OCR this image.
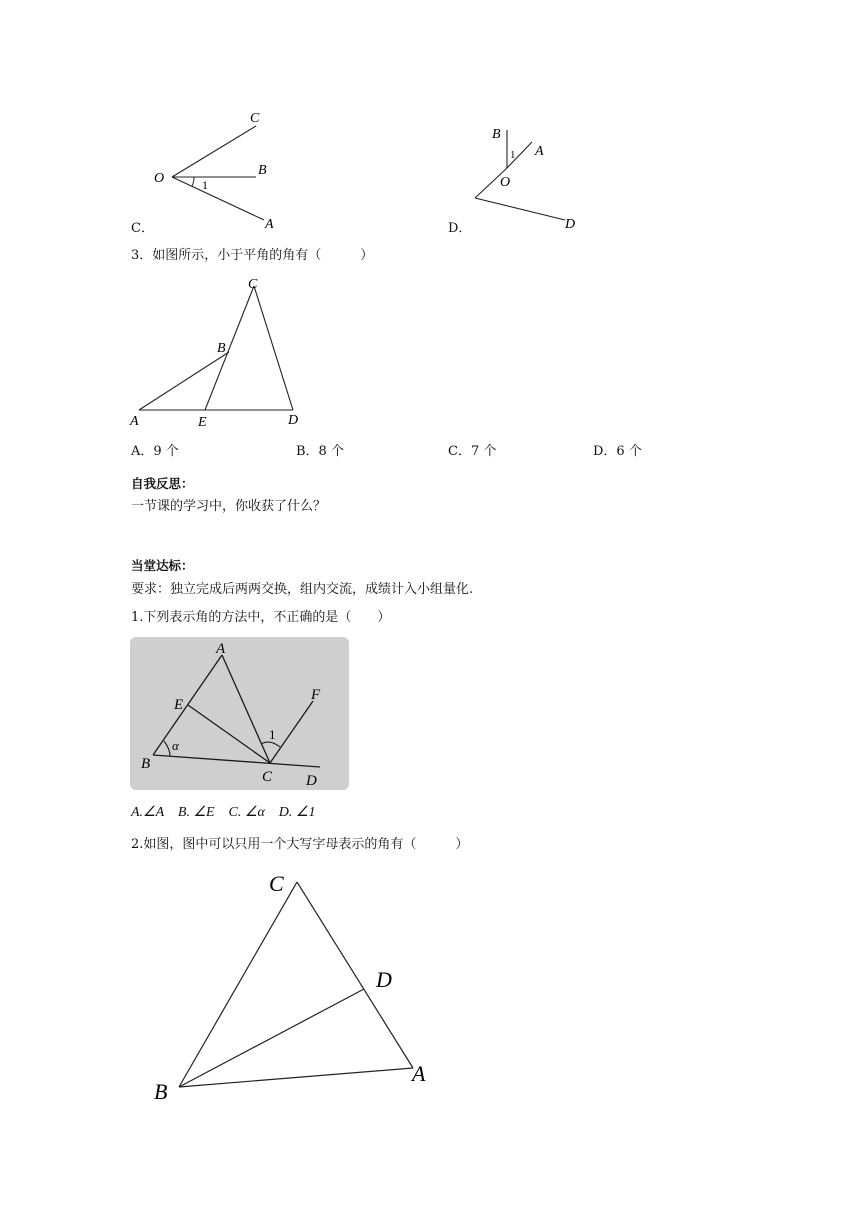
C
O
B
A
1
C．
B
A
O
D
1
D．
3．如图所示，小于平角的角有（　　　）
C
B
A	E	D
A．9 个	B．8 个	C．7 个	D．6 个
自我反思：
一节课的学习中，你收获了什么？
当堂达标：
要求：独立完成后两两交换，组内交流，成绩计入小组量化.
1.下列表示角的方法中，不正确的是（　　）
A
E
F
B
α
1
C D
A.∠A　B. ∠E　C. ∠α　D. ∠1
2.如图，图中可以只用一个大写字母表示的角有（　　　）
C
D
B
A
